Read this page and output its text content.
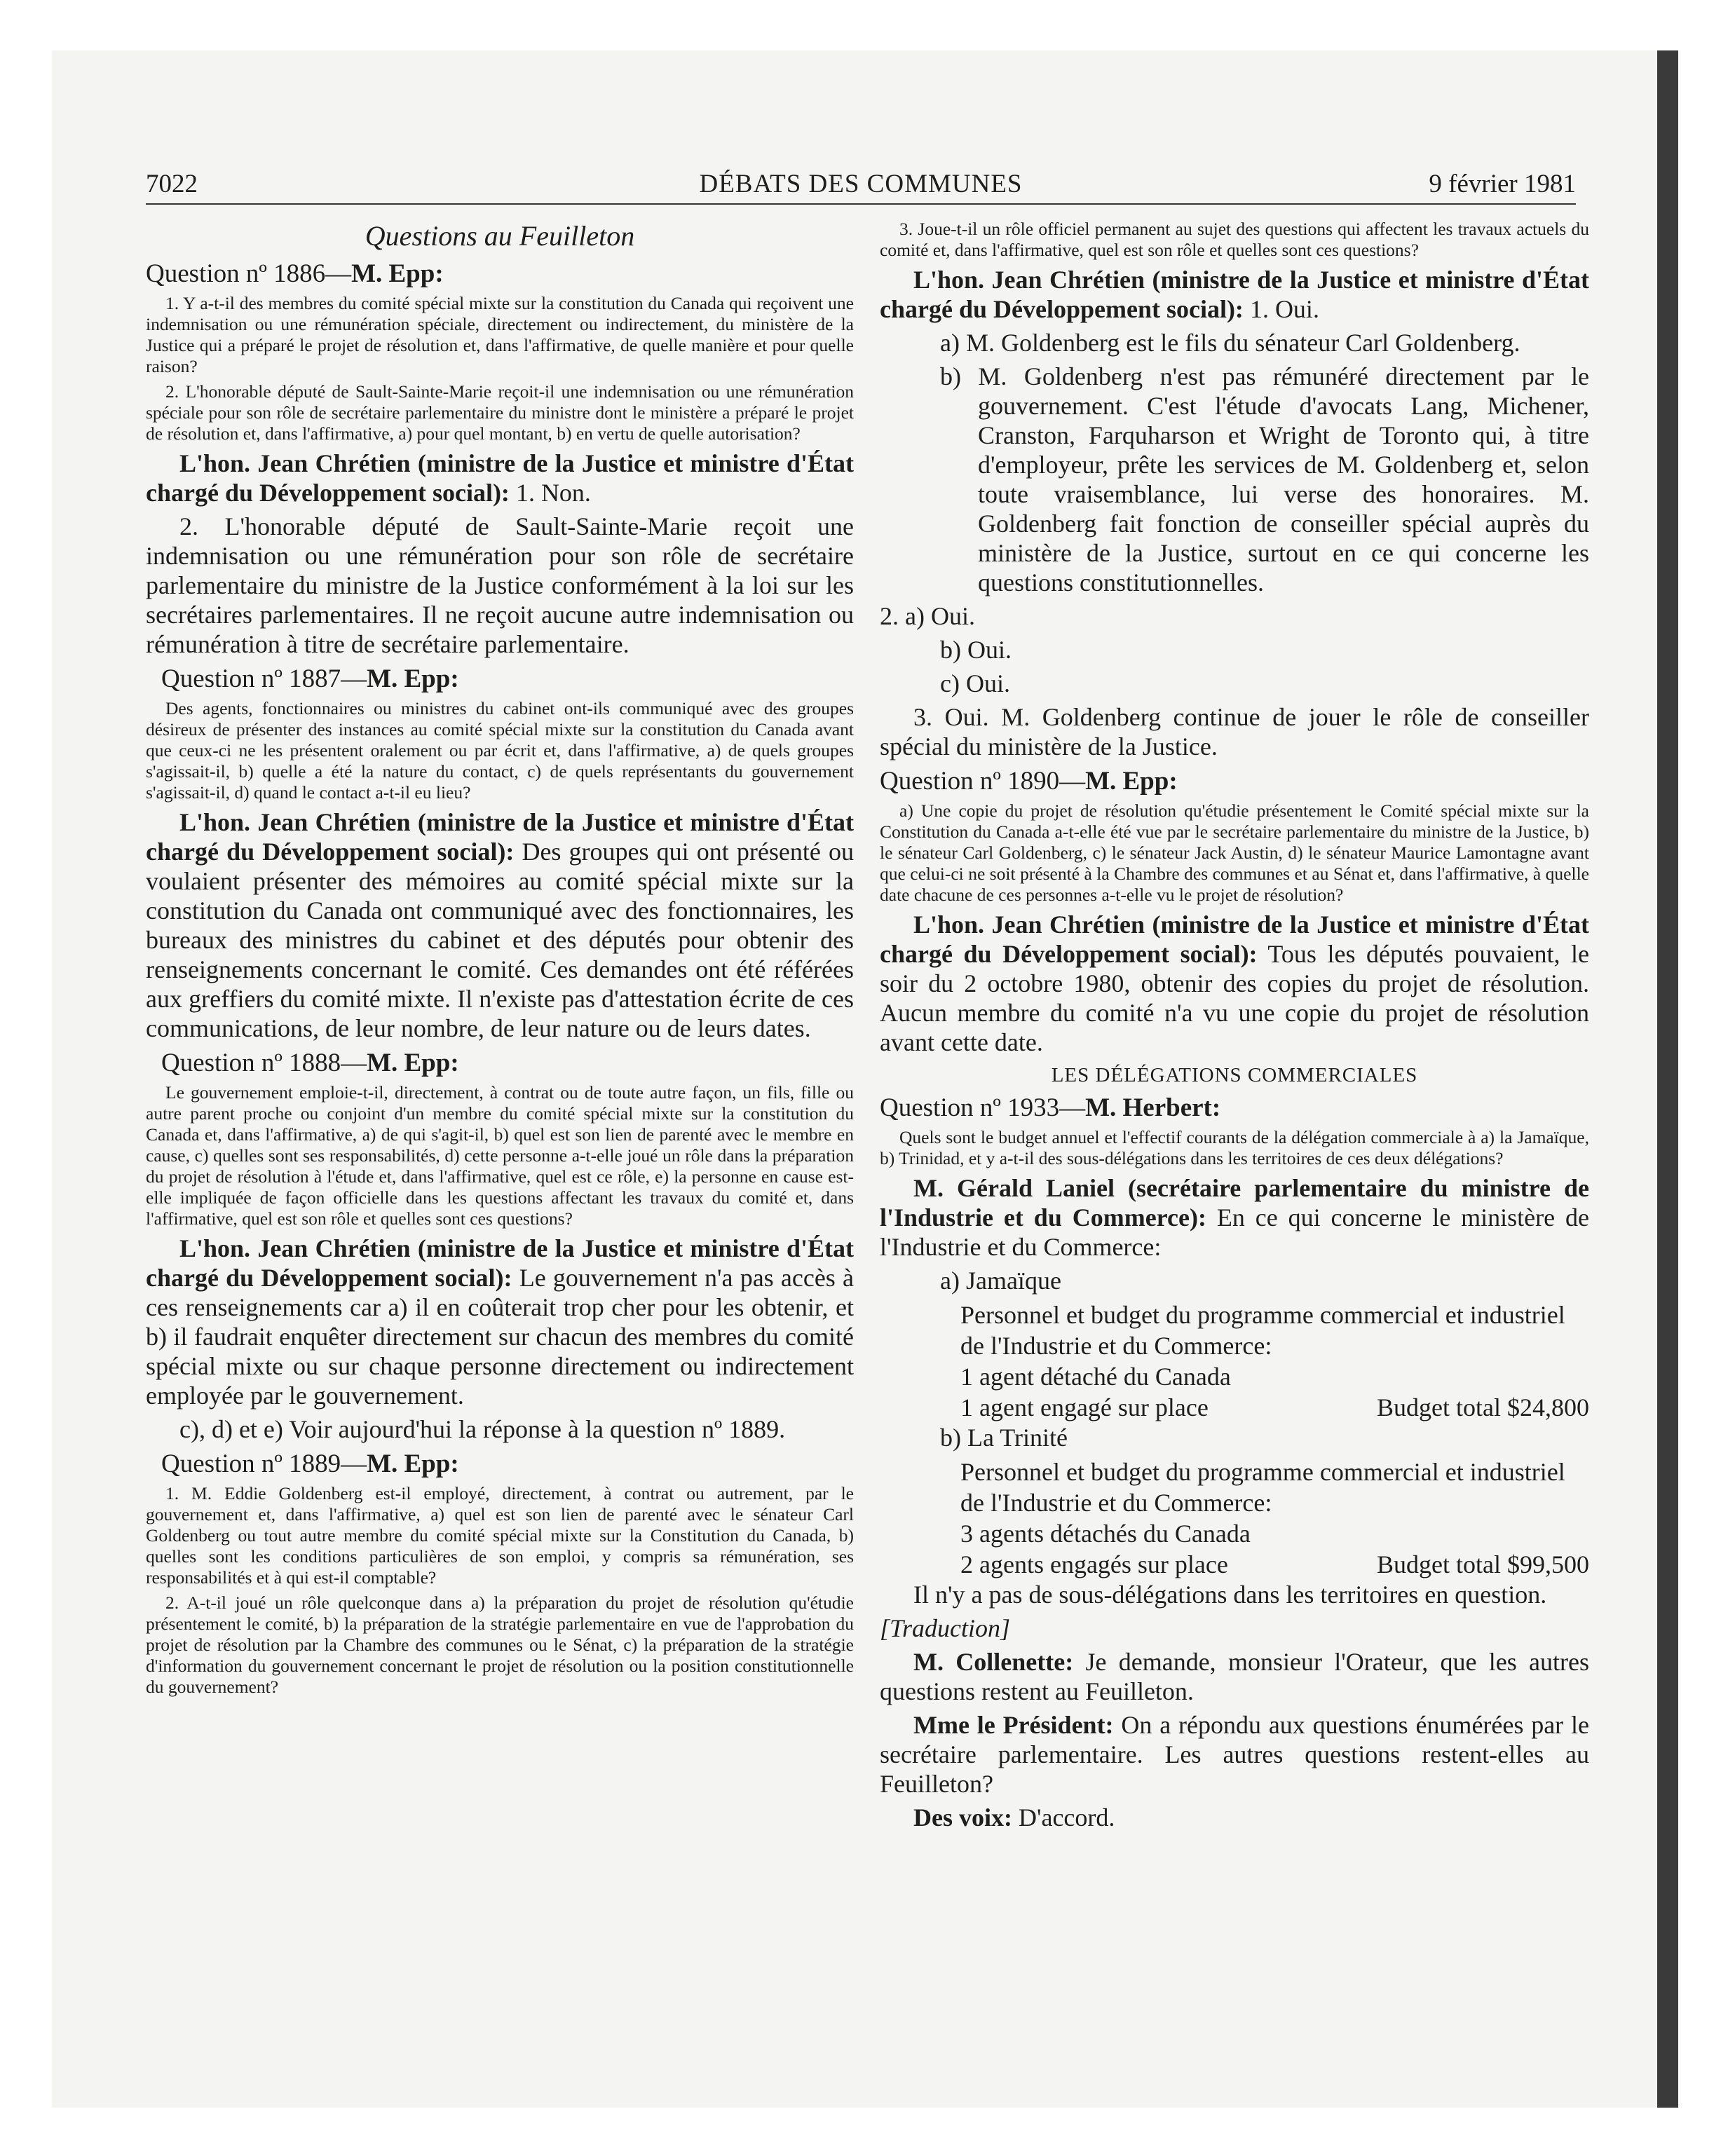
7022	DÉBATS DES COMMUNES	9 février 1981
Questions au Feuilleton
Question nº 1886—M. Epp:

1. Y a-t-il des membres du comité spécial mixte sur la constitution du Canada qui reçoivent une indemnisation ou une rémunération spéciale, directement ou indirectement, du ministère de la Justice qui a préparé le projet de résolution et, dans l'affirmative, de quelle manière et pour quelle raison?

2. L'honorable député de Sault-Sainte-Marie reçoit-il une indemnisation ou une rémunération spéciale pour son rôle de secrétaire parlementaire du ministre dont le ministère a préparé le projet de résolution et, dans l'affirmative, a) pour quel montant, b) en vertu de quelle autorisation?

L'hon. Jean Chrétien (ministre de la Justice et ministre d'État chargé du Développement social): 1. Non.

2. L'honorable député de Sault-Sainte-Marie reçoit une indemnisation ou une rémunération pour son rôle de secrétaire parlementaire du ministre de la Justice conformément à la loi sur les secrétaires parlementaires. Il ne reçoit aucune autre indemnisation ou rémunération à titre de secrétaire parlementaire.

Question nº 1887—M. Epp:

Des agents, fonctionnaires ou ministres du cabinet ont-ils communiqué avec des groupes désireux de présenter des instances au comité spécial mixte sur la constitution du Canada avant que ceux-ci ne les présentent oralement ou par écrit et, dans l'affirmative, a) de quels groupes s'agissait-il, b) quelle a été la nature du contact, c) de quels représentants du gouvernement s'agissait-il, d) quand le contact a-t-il eu lieu?

L'hon. Jean Chrétien (ministre de la Justice et ministre d'État chargé du Développement social): Des groupes qui ont présenté ou voulaient présenter des mémoires au comité spécial mixte sur la constitution du Canada ont communiqué avec des fonctionnaires, les bureaux des ministres du cabinet et des députés pour obtenir des renseignements concernant le comité. Ces demandes ont été référées aux greffiers du comité mixte. Il n'existe pas d'attestation écrite de ces communications, de leur nombre, de leur nature ou de leurs dates.

Question nº 1888—M. Epp:

Le gouvernement emploie-t-il, directement, à contrat ou de toute autre façon, un fils, fille ou autre parent proche ou conjoint d'un membre du comité spécial mixte sur la constitution du Canada et, dans l'affirmative, a) de qui s'agit-il, b) quel est son lien de parenté avec le membre en cause, c) quelles sont ses responsabilités, d) cette personne a-t-elle joué un rôle dans la préparation du projet de résolution à l'étude et, dans l'affirmative, quel est ce rôle, e) la personne en cause est-elle impliquée de façon officielle dans les questions affectant les travaux du comité et, dans l'affirmative, quel est son rôle et quelles sont ces questions?

L'hon. Jean Chrétien (ministre de la Justice et ministre d'État chargé du Développement social): Le gouvernement n'a pas accès à ces renseignements car a) il en coûterait trop cher pour les obtenir, et b) il faudrait enquêter directement sur chacun des membres du comité spécial mixte ou sur chaque personne directement ou indirectement employée par le gouvernement.

c), d) et e) Voir aujourd'hui la réponse à la question nº 1889.

Question nº 1889—M. Epp:

1. M. Eddie Goldenberg est-il employé, directement, à contrat ou autrement, par le gouvernement et, dans l'affirmative, a) quel est son lien de parenté avec le sénateur Carl Goldenberg ou tout autre membre du comité spécial mixte sur la Constitution du Canada, b) quelles sont les conditions particulières de son emploi, y compris sa rémunération, ses responsabilités et à qui est-il comptable?

2. A-t-il joué un rôle quelconque dans a) la préparation du projet de résolution qu'étudie présentement le comité, b) la préparation de la stratégie parlementaire en vue de l'approbation du projet de résolution par la Chambre des communes ou le Sénat, c) la préparation de la stratégie d'information du gouvernement concernant le projet de résolution ou la position constitutionnelle du gouvernement?

3. Joue-t-il un rôle officiel permanent au sujet des questions qui affectent les travaux actuels du comité et, dans l'affirmative, quel est son rôle et quelles sont ces questions?

L'hon. Jean Chrétien (ministre de la Justice et ministre d'État chargé du Développement social): 1. Oui.

a) M. Goldenberg est le fils du sénateur Carl Goldenberg.

b) M. Goldenberg n'est pas rémunéré directement par le gouvernement. C'est l'étude d'avocats Lang, Michener, Cranston, Farquharson et Wright de Toronto qui, à titre d'employeur, prête les services de M. Goldenberg et, selon toute vraisemblance, lui verse des honoraires. M. Goldenberg fait fonction de conseiller spécial auprès du ministère de la Justice, surtout en ce qui concerne les questions constitutionnelles.

2. a) Oui.

b) Oui.

c) Oui.

3. Oui. M. Goldenberg continue de jouer le rôle de conseiller spécial du ministère de la Justice.

Question nº 1890—M. Epp:

a) Une copie du projet de résolution qu'étudie présentement le Comité spécial mixte sur la Constitution du Canada a-t-elle été vue par le secrétaire parlementaire du ministre de la Justice, b) le sénateur Carl Goldenberg, c) le sénateur Jack Austin, d) le sénateur Maurice Lamontagne avant que celui-ci ne soit présenté à la Chambre des communes et au Sénat et, dans l'affirmative, à quelle date chacune de ces personnes a-t-elle vu le projet de résolution?

L'hon. Jean Chrétien (ministre de la Justice et ministre d'État chargé du Développement social): Tous les députés pouvaient, le soir du 2 octobre 1980, obtenir des copies du projet de résolution. Aucun membre du comité n'a vu une copie du projet de résolution avant cette date.

LES DÉLÉGATIONS COMMERCIALES
Question nº 1933—M. Herbert:

Quels sont le budget annuel et l'effectif courants de la délégation commerciale à a) la Jamaïque, b) Trinidad, et y a-t-il des sous-délégations dans les territoires de ces deux délégations?

M. Gérald Laniel (secrétaire parlementaire du ministre de l'Industrie et du Commerce): En ce qui concerne le ministère de l'Industrie et du Commerce:

a) Jamaïque

Personnel et budget du programme commercial et industriel de l'Industrie et du Commerce:

1 agent détaché du Canada

1 agent engagé sur place	Budget total $24,800

b) La Trinité

Personnel et budget du programme commercial et industriel de l'Industrie et du Commerce:

3 agents détachés du Canada

2 agents engagés sur place	Budget total $99,500

Il n'y a pas de sous-délégations dans les territoires en question.

[Traduction]

M. Collenette: Je demande, monsieur l'Orateur, que les autres questions restent au Feuilleton.

Mme le Président: On a répondu aux questions énumérées par le secrétaire parlementaire. Les autres questions restent-elles au Feuilleton?

Des voix: D'accord.
